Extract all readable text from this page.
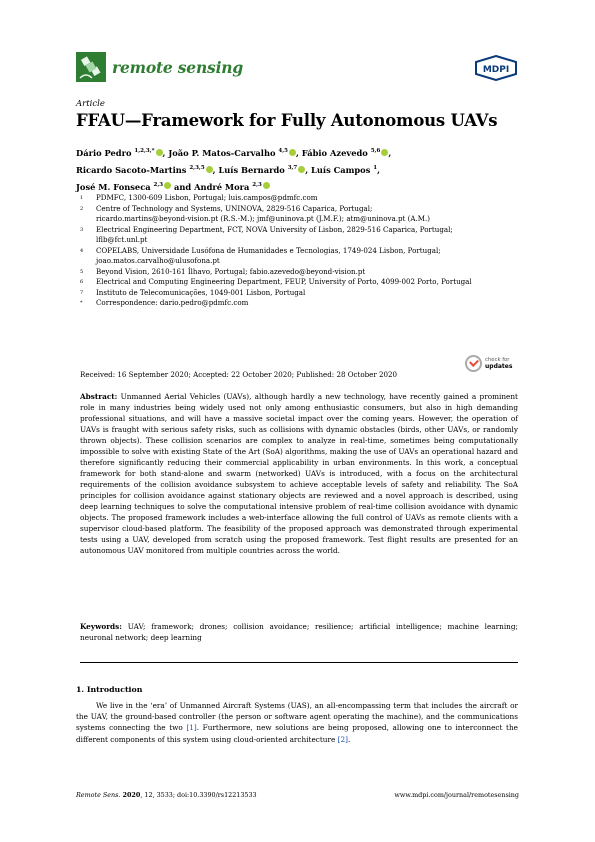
remote sensing	MDPI
Article
FFAU—Framework for Fully Autonomous UAVs
Dário Pedro $^{1,2,3,*}$ , João P. Matos-Carvalho $^{4,5}$ , Fábio Azevedo $^{5,6}$ ,
Ricardo Sacoto-Martins $^{2,3,5}$ , Luís Bernardo $^{3,7}$ , Luís Campos $^1$,
José M. Fonseca $^{2,3}$ and André Mora $^{2,3}$
1	PDMFC, 1300-609 Lisbon, Portugal; luis.campos@pdmfc.com
2	Centre of Technology and Systems, UNINOVA, 2829-516 Caparica, Portugal;
ricardo.martins@beyond-vision.pt (R.S.-M.); jmf@uninova.pt (J.M.F.); atm@uninova.pt (A.M.)
3	Electrical Engineering Department, FCT, NOVA University of Lisbon, 2829-516 Caparica, Portugal;
lflb@fct.unl.pt
4	COPELABS, Universidade Lusófona de Humanidades e Tecnologias, 1749-024 Lisbon, Portugal;
joao.matos.carvalho@ulusofona.pt
5	Beyond Vision, 2610-161 Ílhavo, Portugal; fabio.azevedo@beyond-vision.pt
6	Electrical and Computing Engineering Department, FEUP, University of Porto, 4099-002 Porto, Portugal
7	Instituto de Telecomunicações, 1049-001 Lisbon, Portugal
*	Correspondence: dario.pedro@pdmfc.com
check for
updates
Received: 16 September 2020; Accepted: 22 October 2020; Published: 28 October 2020
Abstract: Unmanned Aerial Vehicles (UAVs), although hardly a new technology, have recently gained a prominent role in many industries being widely used not only among enthusiastic consumers, but also in high demanding professional situations, and will have a massive societal impact over the coming years. However, the operation of UAVs is fraught with serious safety risks, such as collisions with dynamic obstacles (birds, other UAVs, or randomly thrown objects). These collision scenarios are complex to analyze in real-time, sometimes being computationally impossible to solve with existing State of the Art (SoA) algorithms, making the use of UAVs an operational hazard and therefore significantly reducing their commercial applicability in urban environments. In this work, a conceptual framework for both stand-alone and swarm (networked) UAVs is introduced, with a focus on the architectural requirements of the collision avoidance subsystem to achieve acceptable levels of safety and reliability. The SoA principles for collision avoidance against stationary objects are reviewed and a novel approach is described, using deep learning techniques to solve the computational intensive problem of real-time collision avoidance with dynamic objects. The proposed framework includes a web-interface allowing the full control of UAVs as remote clients with a supervisor cloud-based platform. The feasibility of the proposed approach was demonstrated through experimental tests using a UAV, developed from scratch using the proposed framework. Test flight results are presented for an autonomous UAV monitored from multiple countries across the world.
Keywords: UAV; framework; drones; collision avoidance; resilience; artificial intelligence; machine learning; neuronal network; deep learning
1. Introduction
We live in the ‘era’ of Unmanned Aircraft Systems (UAS), an all-encompassing term that includes the aircraft or the UAV, the ground-based controller (the person or software agent operating the machine), and the communications systems connecting the two [1]. Furthermore, new solutions are being proposed, allowing one to interconnect the different components of this system using cloud-oriented architecture [2].
Remote Sens. 2020, 12, 3533; doi:10.3390/rs12213533	www.mdpi.com/journal/remotesensing
